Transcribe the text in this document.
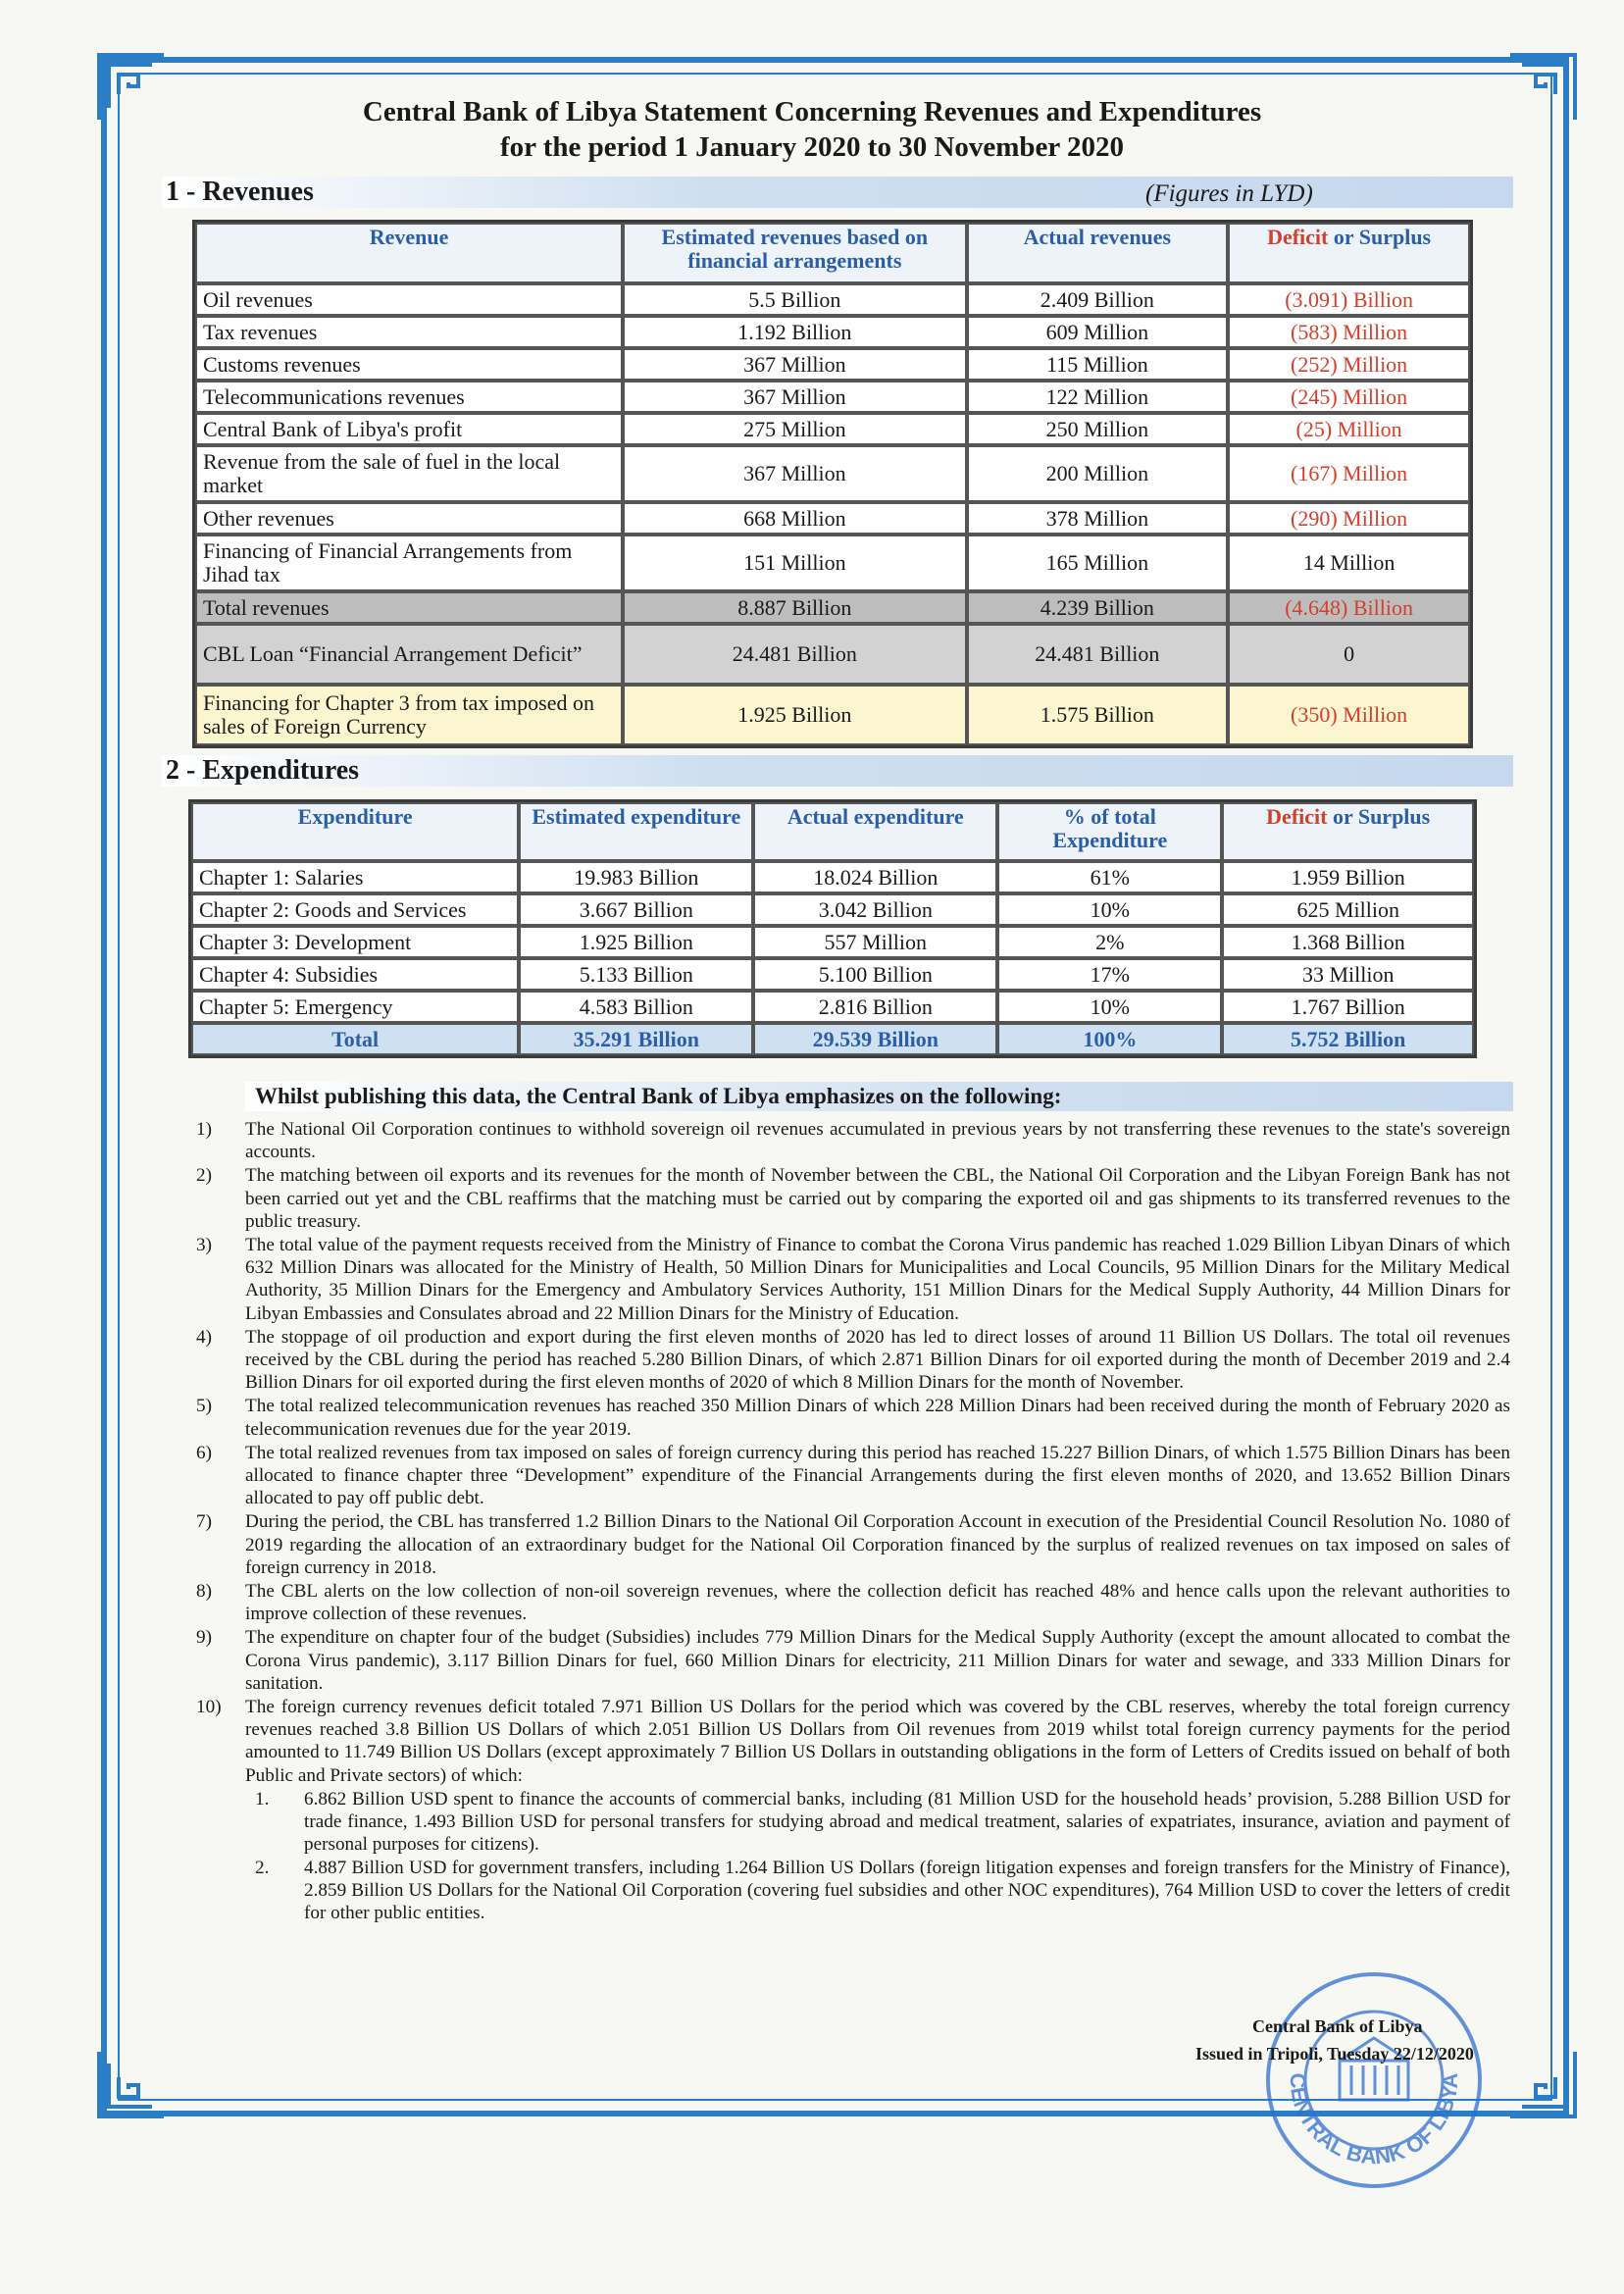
Central Bank of Libya Statement Concerning Revenues and Expenditures
for the period 1 January 2020 to 30 November 2020
1 - Revenues	(Figures in LYD)
Revenue	Estimated revenues based on financial arrangements	Actual revenues	Deficit or Surplus
Oil revenues	5.5 Billion	2.409 Billion	(3.091) Billion
Tax revenues	1.192 Billion	609 Million	(583) Million
Customs revenues	367 Million	115 Million	(252) Million
Telecommunications revenues	367 Million	122 Million	(245) Million
Central Bank of Libya's profit	275 Million	250 Million	(25) Million
Revenue from the sale of fuel in the local market	367 Million	200 Million	(167) Million
Other revenues	668 Million	378 Million	(290) Million
Financing of Financial Arrangements from Jihad tax	151 Million	165 Million	14 Million
Total revenues	8.887 Billion	4.239 Billion	(4.648) Billion
CBL Loan “Financial Arrangement Deficit”	24.481 Billion	24.481 Billion	0
Financing for Chapter 3 from tax imposed on sales of Foreign Currency	1.925 Billion	1.575 Billion	(350) Million
2 - Expenditures
Expenditure	Estimated expenditure	Actual expenditure	% of total Expenditure	Deficit or Surplus
Chapter 1: Salaries	19.983 Billion	18.024 Billion	61%	1.959 Billion
Chapter 2: Goods and Services	3.667 Billion	3.042 Billion	10%	625 Million
Chapter 3: Development	1.925 Billion	557 Million	2%	1.368 Billion
Chapter 4: Subsidies	5.133 Billion	5.100 Billion	17%	33 Million
Chapter 5: Emergency	4.583 Billion	2.816 Billion	10%	1.767 Billion
Total	35.291 Billion	29.539 Billion	100%	5.752 Billion
Whilst publishing this data, the Central Bank of Libya emphasizes on the following:
1)	The National Oil Corporation continues to withhold sovereign oil revenues accumulated in previous years by not transferring these revenues to the state's sovereign accounts.
2)	The matching between oil exports and its revenues for the month of November between the CBL, the National Oil Corporation and the Libyan Foreign Bank has not been carried out yet and the CBL reaffirms that the matching must be carried out by comparing the exported oil and gas shipments to its transferred revenues to the public treasury.
3)	The total value of the payment requests received from the Ministry of Finance to combat the Corona Virus pandemic has reached 1.029 Billion Libyan Dinars of which 632 Million Dinars was allocated for the Ministry of Health, 50 Million Dinars for Municipalities and Local Councils, 95 Million Dinars for the Military Medical Authority, 35 Million Dinars for the Emergency and Ambulatory Services Authority, 151 Million Dinars for the Medical Supply Authority, 44 Million Dinars for Libyan Embassies and Consulates abroad and 22 Million Dinars for the Ministry of Education.
4)	The stoppage of oil production and export during the first eleven months of 2020 has led to direct losses of around 11 Billion US Dollars. The total oil revenues received by the CBL during the period has reached 5.280 Billion Dinars, of which 2.871 Billion Dinars for oil exported during the month of December 2019 and 2.4 Billion Dinars for oil exported during the first eleven months of 2020 of which 8 Million Dinars for the month of November.
5)	The total realized telecommunication revenues has reached 350 Million Dinars of which 228 Million Dinars had been received during the month of February 2020 as telecommunication revenues due for the year 2019.
6)	The total realized revenues from tax imposed on sales of foreign currency during this period has reached 15.227 Billion Dinars, of which 1.575 Billion Dinars has been allocated to finance chapter three “Development” expenditure of the Financial Arrangements during the first eleven months of 2020, and 13.652 Billion Dinars allocated to pay off public debt.
7)	During the period, the CBL has transferred 1.2 Billion Dinars to the National Oil Corporation Account in execution of the Presidential Council Resolution No. 1080 of 2019 regarding the allocation of an extraordinary budget for the National Oil Corporation financed by the surplus of realized revenues on tax imposed on sales of foreign currency in 2018.
8)	The CBL alerts on the low collection of non-oil sovereign revenues, where the collection deficit has reached 48% and hence calls upon the relevant authorities to improve collection of these revenues.
9)	The expenditure on chapter four of the budget (Subsidies) includes 779 Million Dinars for the Medical Supply Authority (except the amount allocated to combat the Corona Virus pandemic), 3.117 Billion Dinars for fuel, 660 Million Dinars for electricity, 211 Million Dinars for water and sewage, and 333 Million Dinars for sanitation.
10)	The foreign currency revenues deficit totaled 7.971 Billion US Dollars for the period which was covered by the CBL reserves, whereby the total foreign currency revenues reached 3.8 Billion US Dollars of which 2.051 Billion US Dollars from Oil revenues from 2019 whilst total foreign currency payments for the period amounted to 11.749 Billion US Dollars (except approximately 7 Billion US Dollars in outstanding obligations in the form of Letters of Credits issued on behalf of both Public and Private sectors) of which:
1.	6.862 Billion USD spent to finance the accounts of commercial banks, including (81 Million USD for the household heads’ provision, 5.288 Billion USD for trade finance, 1.493 Billion USD for personal transfers for studying abroad and medical treatment, salaries of expatriates, insurance, aviation and payment of personal purposes for citizens).
2.	4.887 Billion USD for government transfers, including 1.264 Billion US Dollars (foreign litigation expenses and foreign transfers for the Ministry of Finance), 2.859 Billion US Dollars for the National Oil Corporation (covering fuel subsidies and other NOC expenditures), 764 Million USD to cover the letters of credit for other public entities.
CENTRAL BANK OF LIBYA
Central Bank of Libya
Issued in Tripoli, Tuesday 22/12/2020
